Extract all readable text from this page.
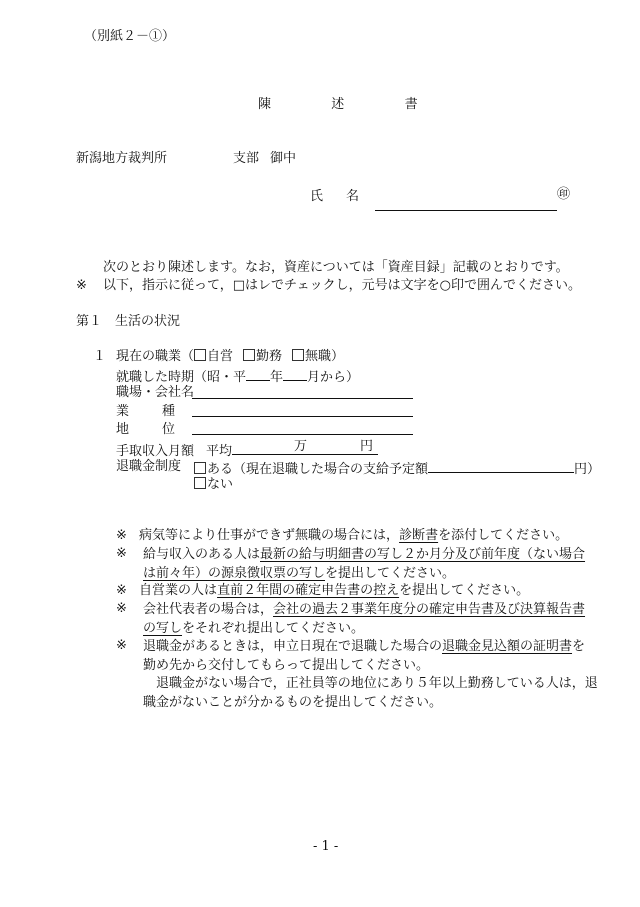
（別紙２－①）
陳	述	書
新潟地方裁判所	支部 御中
氏 名	㊞
次のとおり陳述します。なお，資産については「資産目録」記載のとおりです。
※ 以下，指示に従って，□はレでチェックし，元号は文字を○印で囲んでください。
第１　生活の状況
１ 現在の職業（ 自営 勤務 無職）
就職した時期（昭・平 年 月から）
職場・会社名
業　種
地　位
手取収入月額 平均	万	円
退職金制度	ある（現在退職した場合の支給予定額	円）
ない
※ 病気等により仕事ができず無職の場合には，診断書を添付してください。
※ 給与収入のある人は最新の給与明細書の写し２か月分及び前年度（ない場合は前々年）の源泉徴収票の写しを提出してください。
※ 自営業の人は直前２年間の確定申告書の控えを提出してください。
※ 会社代表者の場合は，会社の過去２事業年度分の確定申告書及び決算報告書の写しをそれぞれ提出してください。
※ 退職金があるときは，申立日現在で退職した場合の退職金見込額の証明書を勤め先から交付してもらって提出してください。
退職金がない場合で，正社員等の地位にあり５年以上勤務している人は，退職金がないことが分かるものを提出してください。
- 1 -
